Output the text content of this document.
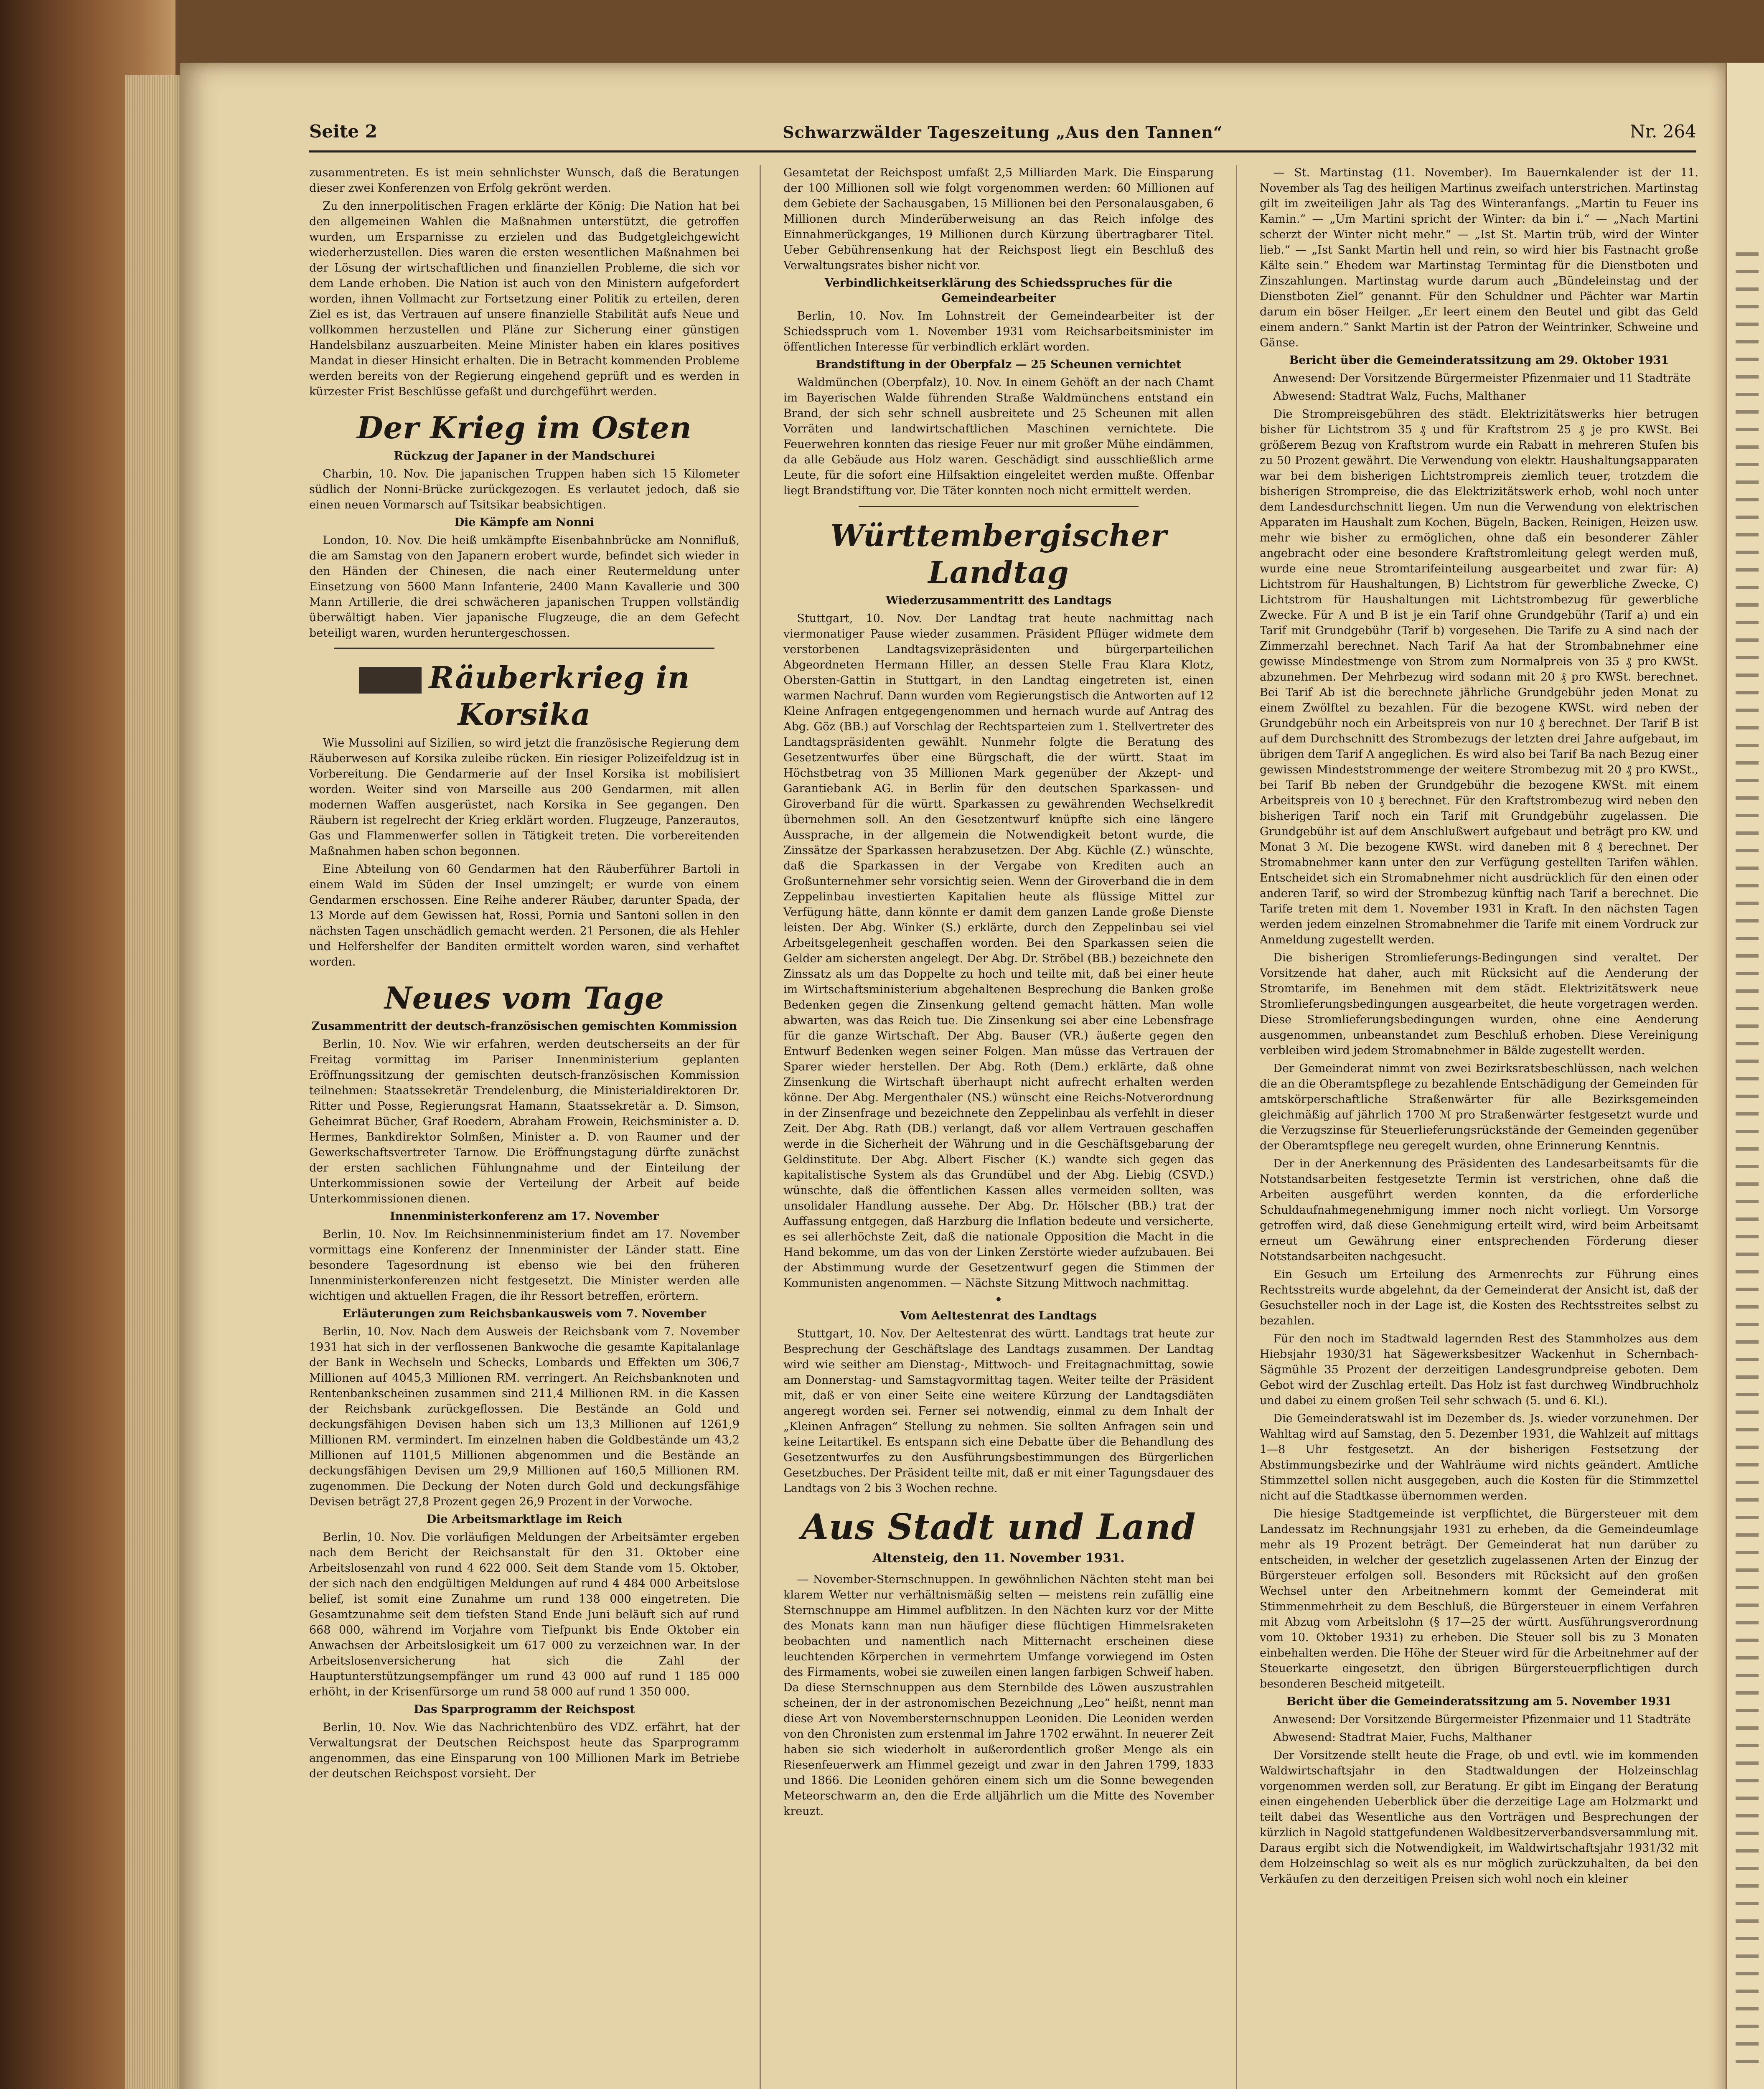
Seite 2	Schwarzwälder Tageszeitung „Aus den Tannen“	Nr. 264

zusammentreten. Es ist mein sehnlichster Wunsch, daß die Beratungen dieser zwei Konferenzen von Erfolg gekrönt werden.

Zu den innerpolitischen Fragen erklärte der König: Die Nation hat bei den allgemeinen Wahlen die Maßnahmen unterstützt, die getroffen wurden, um Ersparnisse zu erzielen und das Budgetgleichgewicht wiederherzustellen. Dies waren die ersten wesentlichen Maßnahmen bei der Lösung der wirtschaftlichen und finanziellen Probleme, die sich vor dem Lande erhoben. Die Nation ist auch von den Ministern aufgefordert worden, ihnen Vollmacht zur Fortsetzung einer Politik zu erteilen, deren Ziel es ist, das Vertrauen auf unsere finanzielle Stabilität aufs Neue und vollkommen herzustellen und Pläne zur Sicherung einer günstigen Handelsbilanz auszuarbeiten. Meine Minister haben ein klares positives Mandat in dieser Hinsicht erhalten. Die in Betracht kommenden Probleme werden bereits von der Regierung eingehend geprüft und es werden in kürzester Frist Beschlüsse gefaßt und durchgeführt werden.

Der Krieg im Osten
Rückzug der Japaner in der Mandschurei

Charbin, 10. Nov. Die japanischen Truppen haben sich 15 Kilometer südlich der Nonni-Brücke zurückgezogen. Es verlautet jedoch, daß sie einen neuen Vormarsch auf Tsitsikar beabsichtigen.

Die Kämpfe am Nonni

London, 10. Nov. Die heiß umkämpfte Eisenbahnbrücke am Nonnifluß, die am Samstag von den Japanern erobert wurde, befindet sich wieder in den Händen der Chinesen, die nach einer Reutermeldung unter Einsetzung von 5600 Mann Infanterie, 2400 Mann Kavallerie und 300 Mann Artillerie, die drei schwächeren japanischen Truppen vollständig überwältigt haben. Vier japanische Flugzeuge, die an dem Gefecht beteiligt waren, wurden heruntergeschossen.

Räuberkrieg in Korsika

Wie Mussolini auf Sizilien, so wird jetzt die französische Regierung dem Räuberwesen auf Korsika zuleibe rücken. Ein riesiger Polizeifeldzug ist in Vorbereitung. Die Gendarmerie auf der Insel Korsika ist mobilisiert worden. Weiter sind von Marseille aus 200 Gendarmen, mit allen modernen Waffen ausgerüstet, nach Korsika in See gegangen. Den Räubern ist regelrecht der Krieg erklärt worden. Flugzeuge, Panzerautos, Gas und Flammenwerfer sollen in Tätigkeit treten. Die vorbereitenden Maßnahmen haben schon begonnen.

Eine Abteilung von 60 Gendarmen hat den Räuberführer Bartoli in einem Wald im Süden der Insel umzingelt; er wurde von einem Gendarmen erschossen. Eine Reihe anderer Räuber, darunter Spada, der 13 Morde auf dem Gewissen hat, Rossi, Pornia und Santoni sollen in den nächsten Tagen unschädlich gemacht werden. 21 Personen, die als Hehler und Helfershelfer der Banditen ermittelt worden waren, sind verhaftet worden.

Neues vom Tage
Zusammentritt der deutsch-französischen gemischten Kommission

Berlin, 10. Nov. Wie wir erfahren, werden deutscherseits an der für Freitag vormittag im Pariser Innenministerium geplanten Eröffnungssitzung der gemischten deutsch-französischen Kommission teilnehmen: Staatssekretär Trendelenburg, die Ministerialdirektoren Dr. Ritter und Posse, Regierungsrat Hamann, Staatssekretär a. D. Simson, Geheimrat Bücher, Graf Roedern, Abraham Frowein, Reichsminister a. D. Hermes, Bankdirektor Solmßen, Minister a. D. von Raumer und der Gewerkschaftsvertreter Tarnow. Die Eröffnungstagung dürfte zunächst der ersten sachlichen Fühlungnahme und der Einteilung der Unterkommissionen sowie der Verteilung der Arbeit auf beide Unterkommissionen dienen.

Innenministerkonferenz am 17. November

Berlin, 10. Nov. Im Reichsinnenministerium findet am 17. November vormittags eine Konferenz der Innenminister der Länder statt. Eine besondere Tagesordnung ist ebenso wie bei den früheren Innenministerkonferenzen nicht festgesetzt. Die Minister werden alle wichtigen und aktuellen Fragen, die ihr Ressort betreffen, erörtern.

Erläuterungen zum Reichsbankausweis vom 7. November

Berlin, 10. Nov. Nach dem Ausweis der Reichsbank vom 7. November 1931 hat sich in der verflossenen Bankwoche die gesamte Kapitalanlage der Bank in Wechseln und Schecks, Lombards und Effekten um 306,7 Millionen auf 4045,3 Millionen RM. verringert. An Reichsbanknoten und Rentenbankscheinen zusammen sind 211,4 Millionen RM. in die Kassen der Reichsbank zurückgeflossen. Die Bestände an Gold und deckungsfähigen Devisen haben sich um 13,3 Millionen auf 1261,9 Millionen RM. vermindert. Im einzelnen haben die Goldbestände um 43,2 Millionen auf 1101,5 Millionen abgenommen und die Bestände an deckungsfähigen Devisen um 29,9 Millionen auf 160,5 Millionen RM. zugenommen. Die Deckung der Noten durch Gold und deckungsfähige Devisen beträgt 27,8 Prozent gegen 26,9 Prozent in der Vorwoche.

Die Arbeitsmarktlage im Reich

Berlin, 10. Nov. Die vorläufigen Meldungen der Arbeitsämter ergeben nach dem Bericht der Reichsanstalt für den 31. Oktober eine Arbeitslosenzahl von rund 4 622 000. Seit dem Stande vom 15. Oktober, der sich nach den endgültigen Meldungen auf rund 4 484 000 Arbeitslose belief, ist somit eine Zunahme um rund 138 000 eingetreten. Die Gesamtzunahme seit dem tiefsten Stand Ende Juni beläuft sich auf rund 668 000, während im Vorjahre vom Tiefpunkt bis Ende Oktober ein Anwachsen der Arbeitslosigkeit um 617 000 zu verzeichnen war. In der Arbeitslosenversicherung hat sich die Zahl der Hauptunterstützungsempfänger um rund 43 000 auf rund 1 185 000 erhöht, in der Krisenfürsorge um rund 58 000 auf rund 1 350 000.

Das Sparprogramm der Reichspost

Berlin, 10. Nov. Wie das Nachrichtenbüro des VDZ. erfährt, hat der Verwaltungsrat der Deutschen Reichspost heute das Sparprogramm angenommen, das eine Einsparung von 100 Millionen Mark im Betriebe der deutschen Reichspost vorsieht. Der

Gesamtetat der Reichspost umfaßt 2,5 Milliarden Mark. Die Einsparung der 100 Millionen soll wie folgt vorgenommen werden: 60 Millionen auf dem Gebiete der Sachausgaben, 15 Millionen bei den Personalausgaben, 6 Millionen durch Minderüberweisung an das Reich infolge des Einnahmerückganges, 19 Millionen durch Kürzung übertragbarer Titel. Ueber Gebührensenkung hat der Reichspost liegt ein Beschluß des Verwaltungsrates bisher nicht vor.

Verbindlichkeitserklärung des Schiedsspruches für die Gemeindearbeiter

Berlin, 10. Nov. Im Lohnstreit der Gemeindearbeiter ist der Schiedsspruch vom 1. November 1931 vom Reichsarbeitsminister im öffentlichen Interesse für verbindlich erklärt worden.

Brandstiftung in der Oberpfalz — 25 Scheunen vernichtet

Waldmünchen (Oberpfalz), 10. Nov. In einem Gehöft an der nach Chamt im Bayerischen Walde führenden Straße Waldmünchens entstand ein Brand, der sich sehr schnell ausbreitete und 25 Scheunen mit allen Vorräten und landwirtschaftlichen Maschinen vernichtete. Die Feuerwehren konnten das riesige Feuer nur mit großer Mühe eindämmen, da alle Gebäude aus Holz waren. Geschädigt sind ausschließlich arme Leute, für die sofort eine Hilfsaktion eingeleitet werden mußte. Offenbar liegt Brandstiftung vor. Die Täter konnten noch nicht ermittelt werden.

Württembergischer Landtag
Wiederzusammentritt des Landtags

Stuttgart, 10. Nov. Der Landtag trat heute nachmittag nach viermonatiger Pause wieder zusammen. Präsident Pflüger widmete dem verstorbenen Landtagsvizepräsidenten und bürgerparteilichen Abgeordneten Hermann Hiller, an dessen Stelle Frau Klara Klotz, Obersten-Gattin in Stuttgart, in den Landtag eingetreten ist, einen warmen Nachruf. Dann wurden vom Regierungstisch die Antworten auf 12 Kleine Anfragen entgegengenommen und hernach wurde auf Antrag des Abg. Göz (BB.) auf Vorschlag der Rechtsparteien zum 1. Stellvertreter des Landtagspräsidenten gewählt. Nunmehr folgte die Beratung des Gesetzentwurfes über eine Bürgschaft, die der württ. Staat im Höchstbetrag von 35 Millionen Mark gegenüber der Akzept- und Garantiebank AG. in Berlin für den deutschen Sparkassen- und Giroverband für die württ. Sparkassen zu gewährenden Wechselkredit übernehmen soll. An den Gesetzentwurf knüpfte sich eine längere Aussprache, in der allgemein die Notwendigkeit betont wurde, die Zinssätze der Sparkassen herabzusetzen. Der Abg. Küchle (Z.) wünschte, daß die Sparkassen in der Vergabe von Krediten auch an Großunternehmer sehr vorsichtig seien. Wenn der Giroverband die in dem Zeppelinbau investierten Kapitalien heute als flüssige Mittel zur Verfügung hätte, dann könnte er damit dem ganzen Lande große Dienste leisten. Der Abg. Winker (S.) erklärte, durch den Zeppelinbau sei viel Arbeitsgelegenheit geschaffen worden. Bei den Sparkassen seien die Gelder am sichersten angelegt. Der Abg. Dr. Ströbel (BB.) bezeichnete den Zinssatz als um das Doppelte zu hoch und teilte mit, daß bei einer heute im Wirtschaftsministerium abgehaltenen Besprechung die Banken große Bedenken gegen die Zinsenkung geltend gemacht hätten. Man wolle abwarten, was das Reich tue. Die Zinsenkung sei aber eine Lebensfrage für die ganze Wirtschaft. Der Abg. Bauser (VR.) äußerte gegen den Entwurf Bedenken wegen seiner Folgen. Man müsse das Vertrauen der Sparer wieder herstellen. Der Abg. Roth (Dem.) erklärte, daß ohne Zinsenkung die Wirtschaft überhaupt nicht aufrecht erhalten werden könne. Der Abg. Mergenthaler (NS.) wünscht eine Reichs-Notverordnung in der Zinsenfrage und bezeichnete den Zeppelinbau als verfehlt in dieser Zeit. Der Abg. Rath (DB.) verlangt, daß vor allem Vertrauen geschaffen werde in die Sicherheit der Währung und in die Geschäftsgebarung der Geldinstitute. Der Abg. Albert Fischer (K.) wandte sich gegen das kapitalistische System als das Grundübel und der Abg. Liebig (CSVD.) wünschte, daß die öffentlichen Kassen alles vermeiden sollten, was unsolidaler Handlung aussehe. Der Abg. Dr. Hölscher (BB.) trat der Auffassung entgegen, daß Harzburg die Inflation bedeute und versicherte, es sei allerhöchste Zeit, daß die nationale Opposition die Macht in die Hand bekomme, um das von der Linken Zerstörte wieder aufzubauen. Bei der Abstimmung wurde der Gesetzentwurf gegen die Stimmen der Kommunisten angenommen. — Nächste Sitzung Mittwoch nachmittag.

•
Vom Aeltestenrat des Landtags

Stuttgart, 10. Nov. Der Aeltestenrat des württ. Landtags trat heute zur Besprechung der Geschäftslage des Landtags zusammen. Der Landtag wird wie seither am Dienstag-, Mittwoch- und Freitagnachmittag, sowie am Donnerstag- und Samstagvormittag tagen. Weiter teilte der Präsident mit, daß er von einer Seite eine weitere Kürzung der Landtagsdiäten angeregt worden sei. Ferner sei notwendig, einmal zu dem Inhalt der „Kleinen Anfragen“ Stellung zu nehmen. Sie sollten Anfragen sein und keine Leitartikel. Es entspann sich eine Debatte über die Behandlung des Gesetzentwurfes zu den Ausführungsbestimmungen des Bürgerlichen Gesetzbuches. Der Präsident teilte mit, daß er mit einer Tagungsdauer des Landtags von 2 bis 3 Wochen rechne.

Aus Stadt und Land
Altensteig, den 11. November 1931.

— November-Sternschnuppen. In gewöhnlichen Nächten steht man bei klarem Wetter nur verhältnismäßig selten — meistens rein zufällig eine Sternschnuppe am Himmel aufblitzen. In den Nächten kurz vor der Mitte des Monats kann man nun häufiger diese flüchtigen Himmelsraketen beobachten und namentlich nach Mitternacht erscheinen diese leuchtenden Körperchen in vermehrtem Umfange vorwiegend im Osten des Firmaments, wobei sie zuweilen einen langen farbigen Schweif haben. Da diese Sternschnuppen aus dem Sternbilde des Löwen auszustrahlen scheinen, der in der astronomischen Bezeichnung „Leo“ heißt, nennt man diese Art von Novembersternschnuppen Leoniden. Die Leoniden werden von den Chronisten zum erstenmal im Jahre 1702 erwähnt. In neuerer Zeit haben sie sich wiederholt in außerordentlich großer Menge als ein Riesenfeuerwerk am Himmel gezeigt und zwar in den Jahren 1799, 1833 und 1866. Die Leoniden gehören einem sich um die Sonne bewegenden Meteorschwarm an, den die Erde alljährlich um die Mitte des November kreuzt.

— St. Martinstag (11. November). Im Bauernkalender ist der 11. November als Tag des heiligen Martinus zweifach unterstrichen. Martinstag gilt im zweiteiligen Jahr als Tag des Winteranfangs. „Martin tu Feuer ins Kamin.“ — „Um Martini spricht der Winter: da bin i.“ — „Nach Martini scherzt der Winter nicht mehr.“ — „Ist St. Martin trüb, wird der Winter lieb.“ — „Ist Sankt Martin hell und rein, so wird hier bis Fastnacht große Kälte sein.“ Ehedem war Martinstag Termintag für die Dienstboten und Zinszahlungen. Martinstag wurde darum auch „Bündeleinstag und der Dienstboten Ziel“ genannt. Für den Schuldner und Pächter war Martin darum ein böser Heilger. „Er leert einem den Beutel und gibt das Geld einem andern.“ Sankt Martin ist der Patron der Weintrinker, Schweine und Gänse.

Bericht über die Gemeinderatssitzung am 29. Oktober 1931

Anwesend: Der Vorsitzende Bürgermeister Pfizenmaier und 11 Stadträte

Abwesend: Stadtrat Walz, Fuchs, Malthaner

Die Strompreisgebühren des städt. Elektrizitätswerks hier betrugen bisher für Lichtstrom 35 ₰ und für Kraftstrom 25 ₰ je pro KWSt. Bei größerem Bezug von Kraftstrom wurde ein Rabatt in mehreren Stufen bis zu 50 Prozent gewährt. Die Verwendung von elektr. Haushaltungsapparaten war bei dem bisherigen Lichtstrompreis ziemlich teuer, trotzdem die bisherigen Strompreise, die das Elektrizitätswerk erhob, wohl noch unter dem Landesdurchschnitt liegen. Um nun die Verwendung von elektrischen Apparaten im Haushalt zum Kochen, Bügeln, Backen, Reinigen, Heizen usw. mehr wie bisher zu ermöglichen, ohne daß ein besonderer Zähler angebracht oder eine besondere Kraftstromleitung gelegt werden muß, wurde eine neue Stromtarifeinteilung ausgearbeitet und zwar für: A) Lichtstrom für Haushaltungen, B) Lichtstrom für gewerbliche Zwecke, C) Lichtstrom für Haushaltungen mit Lichtstrombezug für gewerbliche Zwecke. Für A und B ist je ein Tarif ohne Grundgebühr (Tarif a) und ein Tarif mit Grundgebühr (Tarif b) vorgesehen. Die Tarife zu A sind nach der Zimmerzahl berechnet. Nach Tarif Aa hat der Strombabnehmer eine gewisse Mindestmenge von Strom zum Normalpreis von 35 ₰ pro KWSt. abzunehmen. Der Mehrbezug wird sodann mit 20 ₰ pro KWSt. berechnet. Bei Tarif Ab ist die berechnete jährliche Grundgebühr jeden Monat zu einem Zwölftel zu bezahlen. Für die bezogene KWSt. wird neben der Grundgebühr noch ein Arbeitspreis von nur 10 ₰ berechnet. Der Tarif B ist auf dem Durchschnitt des Strombezugs der letzten drei Jahre aufgebaut, im übrigen dem Tarif A angeglichen. Es wird also bei Tarif Ba nach Bezug einer gewissen Mindeststrommenge der weitere Strombezug mit 20 ₰ pro KWSt., bei Tarif Bb neben der Grundgebühr die bezogene KWSt. mit einem Arbeitspreis von 10 ₰ berechnet. Für den Kraftstrombezug wird neben den bisherigen Tarif noch ein Tarif mit Grundgebühr zugelassen. Die Grundgebühr ist auf dem Anschlußwert aufgebaut und beträgt pro KW. und Monat 3 ℳ. Die bezogene KWSt. wird daneben mit 8 ₰ berechnet. Der Stromabnehmer kann unter den zur Verfügung gestellten Tarifen wählen. Entscheidet sich ein Stromabnehmer nicht ausdrücklich für den einen oder anderen Tarif, so wird der Strombezug künftig nach Tarif a berechnet. Die Tarife treten mit dem 1. November 1931 in Kraft. In den nächsten Tagen werden jedem einzelnen Stromabnehmer die Tarife mit einem Vordruck zur Anmeldung zugestellt werden.

Die bisherigen Stromlieferungs-Bedingungen sind veraltet. Der Vorsitzende hat daher, auch mit Rücksicht auf die Aenderung der Stromtarife, im Benehmen mit dem städt. Elektrizitätswerk neue Stromlieferungsbedingungen ausgearbeitet, die heute vorgetragen werden. Diese Stromlieferungsbedingungen wurden, ohne eine Aenderung ausgenommen, unbeanstandet zum Beschluß erhoben. Diese Vereinigung verbleiben wird jedem Stromabnehmer in Bälde zugestellt werden.

Der Gemeinderat nimmt von zwei Bezirksratsbeschlüssen, nach welchen die an die Oberamtspflege zu bezahlende Entschädigung der Gemeinden für amtskörperschaftliche Straßenwärter für alle Bezirksgemeinden gleichmäßig auf jährlich 1700 ℳ pro Straßenwärter festgesetzt wurde und die Verzugszinse für Steuerlieferungsrückstände der Gemeinden gegenüber der Oberamtspflege neu geregelt wurden, ohne Erinnerung Kenntnis.

Der in der Anerkennung des Präsidenten des Landesarbeitsamts für die Notstandsarbeiten festgesetzte Termin ist verstrichen, ohne daß die Arbeiten ausgeführt werden konnten, da die erforderliche Schuldaufnahmegenehmigung immer noch nicht vorliegt. Um Vorsorge getroffen wird, daß diese Genehmigung erteilt wird, wird beim Arbeitsamt erneut um Gewährung einer entsprechenden Förderung dieser Notstandsarbeiten nachgesucht.

Ein Gesuch um Erteilung des Armenrechts zur Führung eines Rechtsstreits wurde abgelehnt, da der Gemeinderat der Ansicht ist, daß der Gesuchsteller noch in der Lage ist, die Kosten des Rechtsstreites selbst zu bezahlen.

Für den noch im Stadtwald lagernden Rest des Stammholzes aus dem Hiebsjahr 1930/31 hat Sägewerksbesitzer Wackenhut in Schernbach-Sägmühle 35 Prozent der derzeitigen Landesgrundpreise geboten. Dem Gebot wird der Zuschlag erteilt. Das Holz ist fast durchweg Windbruchholz und dabei zu einem großen Teil sehr schwach (5. und 6. Kl.).

Die Gemeinderatswahl ist im Dezember ds. Js. wieder vorzunehmen. Der Wahltag wird auf Samstag, den 5. Dezember 1931, die Wahlzeit auf mittags 1—8 Uhr festgesetzt. An der bisherigen Festsetzung der Abstimmungsbezirke und der Wahlräume wird nichts geändert. Amtliche Stimmzettel sollen nicht ausgegeben, auch die Kosten für die Stimmzettel nicht auf die Stadtkasse übernommen werden.

Die hiesige Stadtgemeinde ist verpflichtet, die Bürgersteuer mit dem Landessatz im Rechnungsjahr 1931 zu erheben, da die Gemeindeumlage mehr als 19 Prozent beträgt. Der Gemeinderat hat nun darüber zu entscheiden, in welcher der gesetzlich zugelassenen Arten der Einzug der Bürgersteuer erfolgen soll. Besonders mit Rücksicht auf den großen Wechsel unter den Arbeitnehmern kommt der Gemeinderat mit Stimmenmehrheit zu dem Beschluß, die Bürgersteuer in einem Verfahren mit Abzug vom Arbeitslohn (§ 17—25 der württ. Ausführungsverordnung vom 10. Oktober 1931) zu erheben. Die Steuer soll bis zu 3 Monaten einbehalten werden. Die Höhe der Steuer wird für die Arbeitnehmer auf der Steuerkarte eingesetzt, den übrigen Bürgersteuerpflichtigen durch besonderen Bescheid mitgeteilt.

Bericht über die Gemeinderatssitzung am 5. November 1931

Anwesend: Der Vorsitzende Bürgermeister Pfizenmaier und 11 Stadträte

Abwesend: Stadtrat Maier, Fuchs, Malthaner

Der Vorsitzende stellt heute die Frage, ob und evtl. wie im kommenden Waldwirtschaftsjahr in den Stadtwaldungen der Holzeinschlag vorgenommen werden soll, zur Beratung. Er gibt im Eingang der Beratung einen eingehenden Ueberblick über die derzeitige Lage am Holzmarkt und teilt dabei das Wesentliche aus den Vorträgen und Besprechungen der kürzlich in Nagold stattgefundenen Waldbesitzerverbandsversammlung mit. Daraus ergibt sich die Notwendigkeit, im Waldwirtschaftsjahr 1931/32 mit dem Holzeinschlag so weit als es nur möglich zurückzuhalten, da bei den Verkäufen zu den derzeitigen Preisen sich wohl noch ein kleiner
